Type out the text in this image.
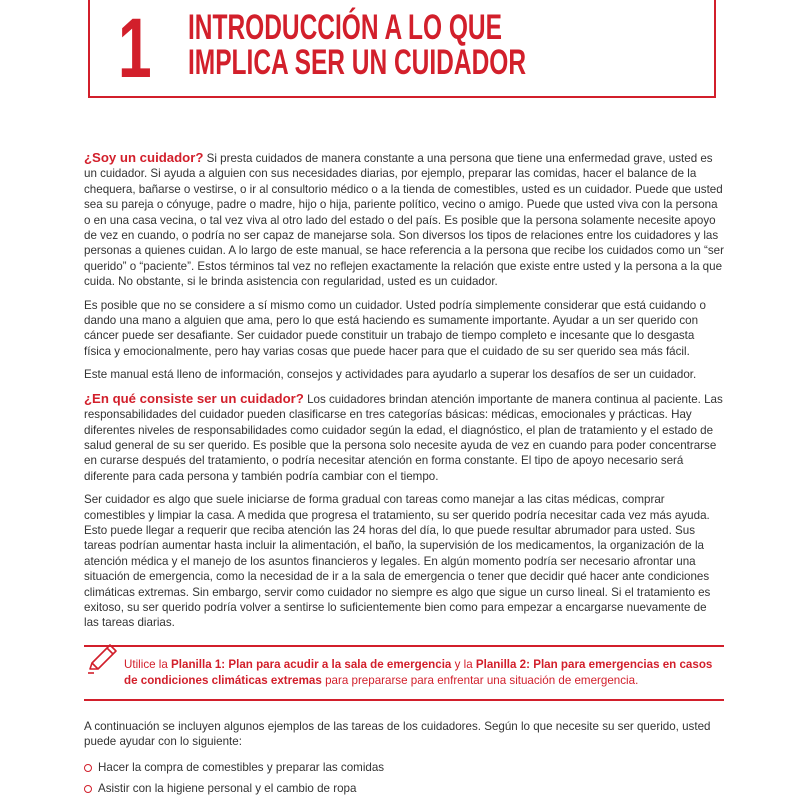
1 INTRODUCCIÓN A LO QUE
IMPLICA SER UN CUIDADOR

¿Soy un cuidador? Si presta cuidados de manera constante a una persona que tiene una enfermedad grave, usted es un cuidador. Si ayuda a alguien con sus necesidades diarias, por ejemplo, preparar las comidas, hacer el balance de la chequera, bañarse o vestirse, o ir al consultorio médico o a la tienda de comestibles, usted es un cuidador. Puede que usted sea su pareja o cónyuge, padre o madre, hijo o hija, pariente político, vecino o amigo. Puede que usted viva con la persona o en una casa vecina, o tal vez viva al otro lado del estado o del país. Es posible que la persona solamente necesite apoyo de vez en cuando, o podría no ser capaz de manejarse sola. Son diversos los tipos de relaciones entre los cuidadores y las personas a quienes cuidan. A lo largo de este manual, se hace referencia a la persona que recibe los cuidados como un “ser querido” o “paciente”. Estos términos tal vez no reflejen exactamente la relación que existe entre usted y la persona a la que cuida. No obstante, si le brinda asistencia con regularidad, usted es un cuidador.

Es posible que no se considere a sí mismo como un cuidador. Usted podría simplemente considerar que está cuidando o dando una mano a alguien que ama, pero lo que está haciendo es sumamente importante. Ayudar a un ser querido con cáncer puede ser desafiante. Ser cuidador puede constituir un trabajo de tiempo completo e incesante que lo desgasta física y emocionalmente, pero hay varias cosas que puede hacer para que el cuidado de su ser querido sea más fácil.

Este manual está lleno de información, consejos y actividades para ayudarlo a superar los desafíos de ser un cuidador.

¿En qué consiste ser un cuidador? Los cuidadores brindan atención importante de manera continua al paciente. Las responsabilidades del cuidador pueden clasificarse en tres categorías básicas: médicas, emocionales y prácticas. Hay diferentes niveles de responsabilidades como cuidador según la edad, el diagnóstico, el plan de tratamiento y el estado de salud general de su ser querido. Es posible que la persona solo necesite ayuda de vez en cuando para poder concentrarse en curarse después del tratamiento, o podría necesitar atención en forma constante. El tipo de apoyo necesario será diferente para cada persona y también podría cambiar con el tiempo.

Ser cuidador es algo que suele iniciarse de forma gradual con tareas como manejar a las citas médicas, comprar comestibles y limpiar la casa. A medida que progresa el tratamiento, su ser querido podría necesitar cada vez más ayuda. Esto puede llegar a requerir que reciba atención las 24 horas del día, lo que puede resultar abrumador para usted. Sus tareas podrían aumentar hasta incluir la alimentación, el baño, la supervisión de los medicamentos, la organización de la atención médica y el manejo de los asuntos financieros y legales. En algún momento podría ser necesario afrontar una situación de emergencia, como la necesidad de ir a la sala de emergencia o tener que decidir qué hacer ante condiciones climáticas extremas. Sin embargo, servir como cuidador no siempre es algo que sigue un curso lineal. Si el tratamiento es exitoso, su ser querido podría volver a sentirse lo suficientemente bien como para empezar a encargarse nuevamente de las tareas diarias.

Utilice la Planilla 1: Plan para acudir a la sala de emergencia y la Planilla 2: Plan para emergencias en casos de condiciones climáticas extremas para prepararse para enfrentar una situación de emergencia.

A continuación se incluyen algunos ejemplos de las tareas de los cuidadores. Según lo que necesite su ser querido, usted puede ayudar con lo siguiente:

Hacer la compra de comestibles y preparar las comidas
Asistir con la higiene personal y el cambio de ropa
